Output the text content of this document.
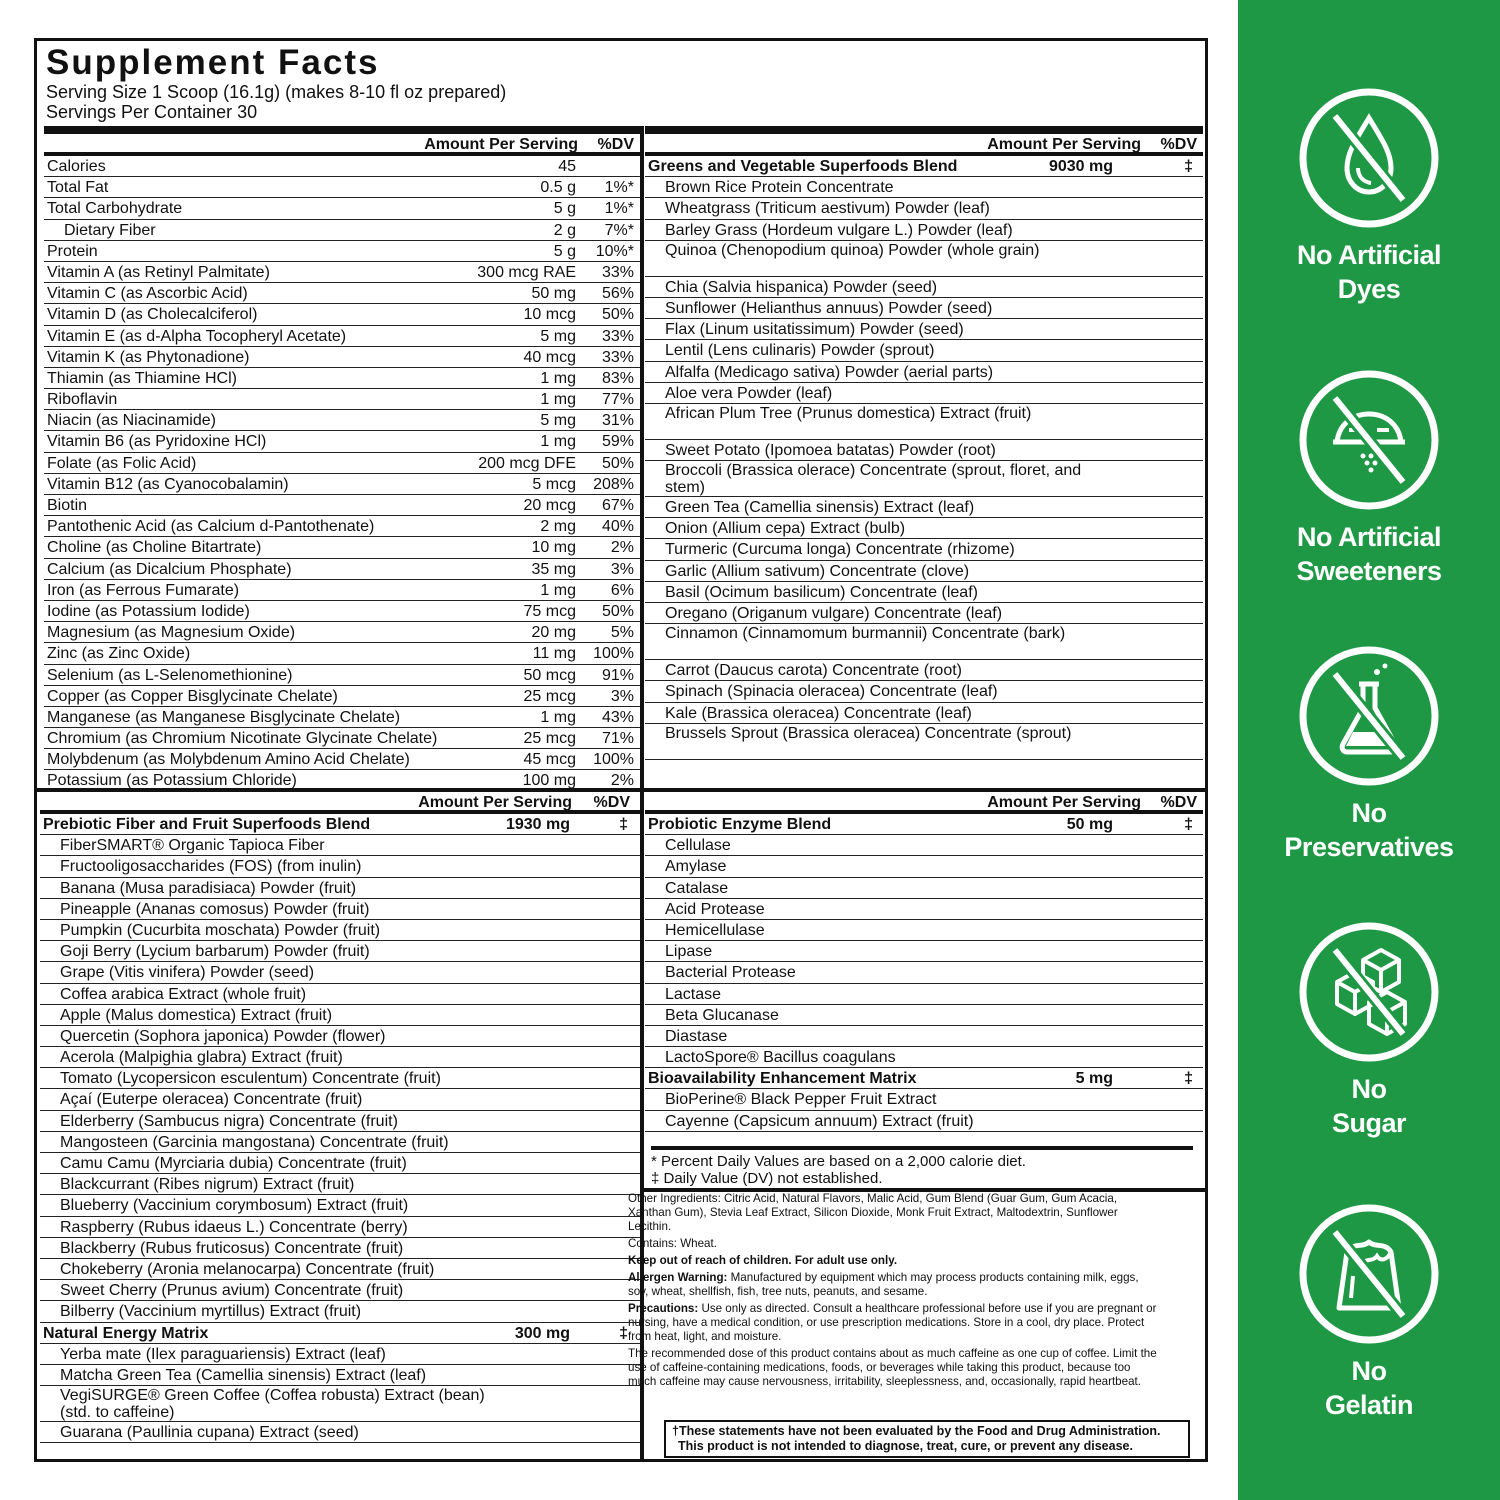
Supplement Facts
Serving Size 1 Scoop (16.1g) (makes 8-10 fl oz prepared)
Servings Per Container 30
Amount Per Serving %DV
Calories	45
Total Fat	0.5 g 1%*
Total Carbohydrate	5 g 1%*
Dietary Fiber	2 g 7%*
Protein	5 g 10%*
Vitamin A (as Retinyl Palmitate)	300 mcg RAE 33%
Vitamin C (as Ascorbic Acid)	50 mg 56%
Vitamin D (as Cholecalciferol)	10 mcg 50%
Vitamin E (as d-Alpha Tocopheryl Acetate)	5 mg 33%
Vitamin K (as Phytonadione)	40 mcg 33%
Thiamin (as Thiamine HCl)	1 mg 83%
Riboflavin	1 mg 77%
Niacin (as Niacinamide)	5 mg 31%
Vitamin B6 (as Pyridoxine HCl)	1 mg 59%
Folate (as Folic Acid)	200 mcg DFE 50%
Vitamin B12 (as Cyanocobalamin)	5 mcg 208%
Biotin	20 mcg 67%
Pantothenic Acid (as Calcium d-Pantothenate)	2 mg 40%
Choline (as Choline Bitartrate)	10 mg 2%
Calcium (as Dicalcium Phosphate)	35 mg 3%
Iron (as Ferrous Fumarate)	1 mg 6%
Iodine (as Potassium Iodide)	75 mcg 50%
Magnesium (as Magnesium Oxide)	20 mg 5%
Zinc (as Zinc Oxide)	11 mg 100%
Selenium (as L-Selenomethionine)	50 mcg 91%
Copper (as Copper Bisglycinate Chelate)	25 mcg 3%
Manganese (as Manganese Bisglycinate Chelate)	1 mg 43%
Chromium (as Chromium Nicotinate Glycinate Chelate)	25 mcg 71%
Molybdenum (as Molybdenum Amino Acid Chelate)	45 mcg 100%
Potassium (as Potassium Chloride)	100 mg 2%
Amount Per Serving %DV
Greens and Vegetable Superfoods Blend	9030 mg	‡
Brown Rice Protein Concentrate
Wheatgrass (Triticum aestivum) Powder (leaf)
Barley Grass (Hordeum vulgare L.) Powder (leaf)
Quinoa (Chenopodium quinoa) Powder (whole grain)
Chia (Salvia hispanica) Powder (seed)
Sunflower (Helianthus annuus) Powder (seed)
Flax (Linum usitatissimum) Powder (seed)
Lentil (Lens culinaris) Powder (sprout)
Alfalfa (Medicago sativa) Powder (aerial parts)
Aloe vera Powder (leaf)
African Plum Tree (Prunus domestica) Extract (fruit)
Sweet Potato (Ipomoea batatas) Powder (root)
Broccoli (Brassica olerace) Concentrate (sprout, floret, and stem)
Green Tea (Camellia sinensis) Extract (leaf)
Onion (Allium cepa) Extract (bulb)
Turmeric (Curcuma longa) Concentrate (rhizome)
Garlic (Allium sativum) Concentrate (clove)
Basil (Ocimum basilicum) Concentrate (leaf)
Oregano (Origanum vulgare) Concentrate (leaf)
Cinnamon (Cinnamomum burmannii) Concentrate (bark)
Carrot (Daucus carota) Concentrate (root)
Spinach (Spinacia oleracea) Concentrate (leaf)
Kale (Brassica oleracea) Concentrate (leaf)
Brussels Sprout (Brassica oleracea) Concentrate (sprout)
Amount Per Serving %DV
Prebiotic Fiber and Fruit Superfoods Blend	1930 mg	‡
FiberSMART® Organic Tapioca Fiber
Fructooligosaccharides (FOS) (from inulin)
Banana (Musa paradisiaca) Powder (fruit)
Pineapple (Ananas comosus) Powder (fruit)
Pumpkin (Cucurbita moschata) Powder (fruit)
Goji Berry (Lycium barbarum) Powder (fruit)
Grape (Vitis vinifera) Powder (seed)
Coffea arabica Extract (whole fruit)
Apple (Malus domestica) Extract (fruit)
Quercetin (Sophora japonica) Powder (flower)
Acerola (Malpighia glabra) Extract (fruit)
Tomato (Lycopersicon esculentum) Concentrate (fruit)
Açaí (Euterpe oleracea) Concentrate (fruit)
Elderberry (Sambucus nigra) Concentrate (fruit)
Mangosteen (Garcinia mangostana) Concentrate (fruit)
Camu Camu (Myrciaria dubia) Concentrate (fruit)
Blackcurrant (Ribes nigrum) Extract (fruit)
Blueberry (Vaccinium corymbosum) Extract (fruit)
Raspberry (Rubus idaeus L.) Concentrate (berry)
Blackberry (Rubus fruticosus) Concentrate (fruit)
Chokeberry (Aronia melanocarpa) Concentrate (fruit)
Sweet Cherry (Prunus avium) Concentrate (fruit)
Bilberry (Vaccinium myrtillus) Extract (fruit)
Natural Energy Matrix	300 mg	‡
Yerba mate (Ilex paraguariensis) Extract (leaf)
Matcha Green Tea (Camellia sinensis) Extract (leaf)
VegiSURGE® Green Coffee (Coffea robusta) Extract (bean) (std. to caffeine)
Guarana (Paullinia cupana) Extract (seed)
Amount Per Serving %DV
Probiotic Enzyme Blend	50 mg	‡
Cellulase
Amylase
Catalase
Acid Protease
Hemicellulase
Lipase
Bacterial Protease
Lactase
Beta Glucanase
Diastase
LactoSpore® Bacillus coagulans
Bioavailability Enhancement Matrix	5 mg	‡
BioPerine® Black Pepper Fruit Extract
Cayenne (Capsicum annuum) Extract (fruit)
* Percent Daily Values are based on a 2,000 calorie diet.
‡ Daily Value (DV) not established.

Other Ingredients: Citric Acid, Natural Flavors, Malic Acid, Gum Blend (Guar Gum, Gum Acacia, Xanthan Gum), Stevia Leaf Extract, Silicon Dioxide, Monk Fruit Extract, Maltodextrin, Sunflower Lecithin.

Contains: Wheat.

Keep out of reach of children. For adult use only.

Allergen Warning: Manufactured by equipment which may process products containing milk, eggs, soy, wheat, shellfish, fish, tree nuts, peanuts, and sesame.

Precautions: Use only as directed. Consult a healthcare professional before use if you are pregnant or nursing, have a medical condition, or use prescription medications. Store in a cool, dry place. Protect from heat, light, and moisture.

The recommended dose of this product contains about as much caffeine as one cup of coffee. Limit the use of caffeine-containing medications, foods, or beverages while taking this product, because too much caffeine may cause nervousness, irritability, sleeplessness, and, occasionally, rapid heartbeat.

†These statements have not been evaluated by the Food and Drug Administration.
This product is not intended to diagnose, treat, cure, or prevent any disease.
No Artificial
Dyes
No Artificial
Sweeteners
No
Preservatives
No
Sugar
No
Gelatin
